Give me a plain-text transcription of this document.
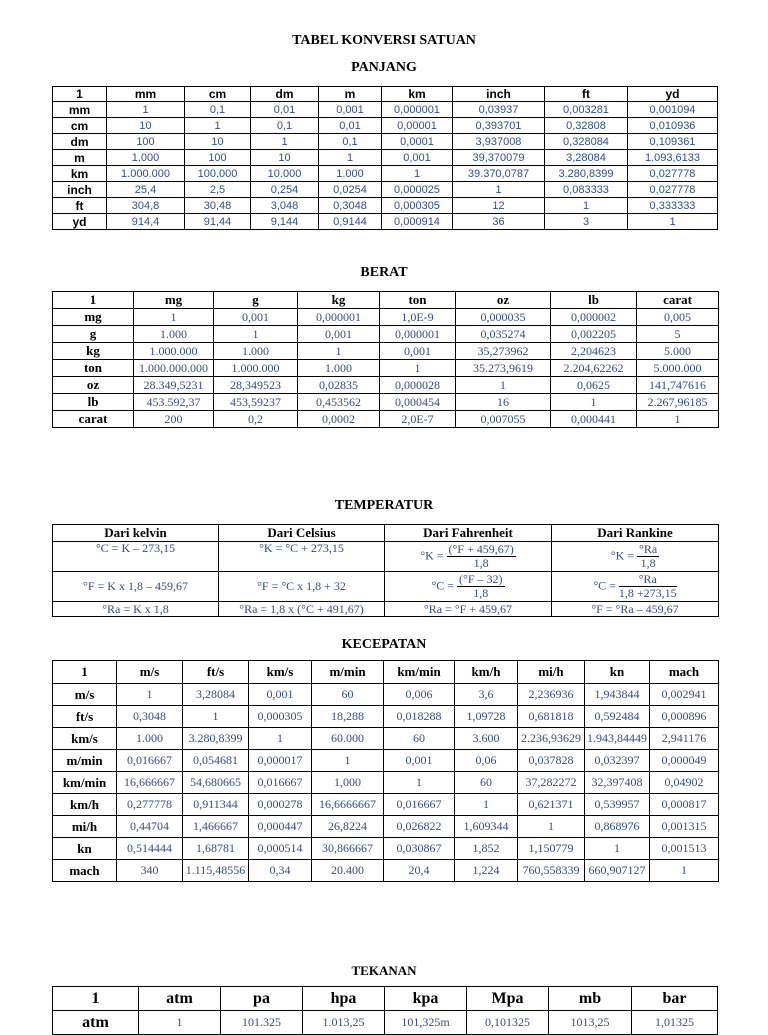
TABEL KONVERSI SATUAN
PANJANG
1	mm	cm	dm	m	km	inch	ft	yd
mm	1	0,1	0,01	0,001	0,000001	0,03937	0,003281	0,001094
cm	10	1	0,1	0,01	0,00001	0,393701	0,32808	0,010936
dm	100	10	1	0,1	0,0001	3,937008	0,328084	0,109361
m	1.000	100	10	1	0,001	39,370079	3,28084	1.093,6133
km	1.000.000	100.000	10.000	1.000	1	39.370,0787	3.280,8399	0,027778
inch	25,4	2,5	0,254	0,0254	0,000025	1	0,083333	0,027778
ft	304,8	30,48	3,048	0,3048	0,000305	12	1	0,333333
yd	914,4	91,44	9,144	0,9144	0,000914	36	3	1
BERAT
1	mg	g	kg	ton	oz	lb	carat
mg	1	0,001	0,000001	1,0E-9	0,000035	0,000002	0,005
g	1.000	1	0,001	0,000001	0,035274	0,002205	5
kg	1.000.000	1.000	1	0,001	35,273962	2,204623	5.000
ton	1.000.000.000	1.000.000	1.000	1	35.273,9619	2.204,62262	5.000.000
oz	28.349,5231	28,349523	0,02835	0,000028	1	0,0625	141,747616
lb	453.592,37	453,59237	0,453562	0,000454	16	1	2.267,96185
carat	200	0,2	0,0002	2,0E-7	0,007055	0,000441	1
TEMPERATUR
Dari kelvin	Dari Celsius	Dari Fahrenheit	Dari Rankine
°C = K – 273,15	°K = °C + 273,15	$^\circ K = \frac{(^\circ F + 459,67)}{1,8}$	$^\circ K = \frac{^\circ Ra}{1,8}$

°F = K x 1,8 – 459,67	°F = °C x 1,8 + 32	$^\circ C = \frac{(^\circ F - 32)}{1,8}$	$^\circ C = \frac{^\circ Ra}{1,8 +273,15}$

°Ra = K x 1,8	°Ra = 1,8 x (°C + 491,67)	°Ra = °F + 459,67	°F = °Ra – 459,67
KECEPATAN
1	m/s	ft/s	km/s	m/min	km/min	km/h	mi/h	kn	mach
m/s	1	3,28084	0,001	60	0,006	3,6	2,236936	1,943844	0,002941
ft/s	0,3048	1	0,000305	18,288	0,018288	1,09728	0,681818	0,592484	0,000896
km/s	1.000	3.280,8399	1	60.000	60	3.600	2.236,93629	1.943,84449	2,941176
m/min	0,016667	0,054681	0,000017	1	0,001	0,06	0,037828	0,032397	0,000049
km/min	16,666667	54,680665	0,016667	1,000	1	60	37,282272	32,397408	0,04902
km/h	0,277778	0,911344	0,000278	16,6666667	0,016667	1	0,621371	0,539957	0,000817
mi/h	0,44704	1,466667	0,000447	26,8224	0,026822	1,609344	1	0,868976	0,001315
kn	0,514444	1,68781	0,000514	30,866667	0,030867	1,852	1,150779	1	0,001513
mach	340	1.115,48556	0,34	20.400	20,4	1,224	760,558339	660,907127	1
TEKANAN
1	atm	pa	hpa	kpa	Mpa	mb	bar
atm	1	101.325	1.013,25	101,325m	0,101325	1013,25	1,01325
